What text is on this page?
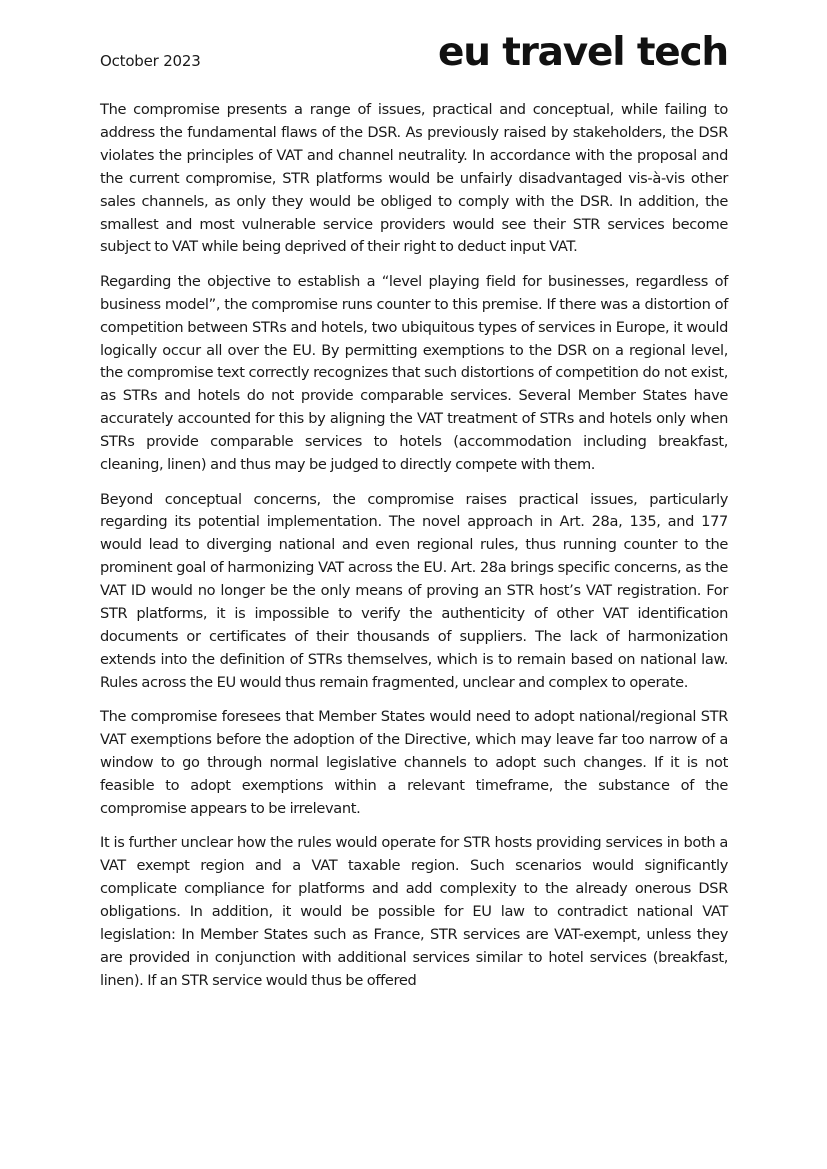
October 2023	eu travel tech

The compromise presents a range of issues, practical and conceptual, while failing to address the fundamental flaws of the DSR. As previously raised by stakeholders, the DSR violates the principles of VAT and channel neutrality. In accordance with the proposal and the current compromise, STR platforms would be unfairly disadvantaged vis-à-vis other sales channels, as only they would be obliged to comply with the DSR. In addition, the smallest and most vulnerable service providers would see their STR services become subject to VAT while being deprived of their right to deduct input VAT.

Regarding the objective to establish a “level playing field for businesses, regardless of business model”, the compromise runs counter to this premise. If there was a distortion of competition between STRs and hotels, two ubiquitous types of services in Europe, it would logically occur all over the EU. By permitting exemptions to the DSR on a regional level, the compromise text correctly recognizes that such distortions of competition do not exist, as STRs and hotels do not provide comparable services. Several Member States have accurately accounted for this by aligning the VAT treatment of STRs and hotels only when STRs provide comparable services to hotels (accommodation including breakfast, cleaning, linen) and thus may be judged to directly compete with them.

Beyond conceptual concerns, the compromise raises practical issues, particularly regarding its potential implementation. The novel approach in Art. 28a, 135, and 177 would lead to diverging national and even regional rules, thus running counter to the prominent goal of harmonizing VAT across the EU. Art. 28a brings specific concerns, as the VAT ID would no longer be the only means of proving an STR host’s VAT registration. For STR platforms, it is impossible to verify the authenticity of other VAT identification documents or certificates of their thousands of suppliers. The lack of harmonization extends into the definition of STRs themselves, which is to remain based on national law. Rules across the EU would thus remain fragmented, unclear and complex to operate.

The compromise foresees that Member States would need to adopt national/regional STR VAT exemptions before the adoption of the Directive, which may leave far too narrow of a window to go through normal legislative channels to adopt such changes. If it is not feasible to adopt exemptions within a relevant timeframe, the substance of the compromise appears to be irrelevant.

It is further unclear how the rules would operate for STR hosts providing services in both a VAT exempt region and a VAT taxable region. Such scenarios would significantly complicate compliance for platforms and add complexity to the already onerous DSR obligations. In addition, it would be possible for EU law to contradict national VAT legislation: In Member States such as France, STR services are VAT-exempt, unless they are provided in conjunction with additional services similar to hotel services (breakfast, linen). If an STR service would thus be offered
